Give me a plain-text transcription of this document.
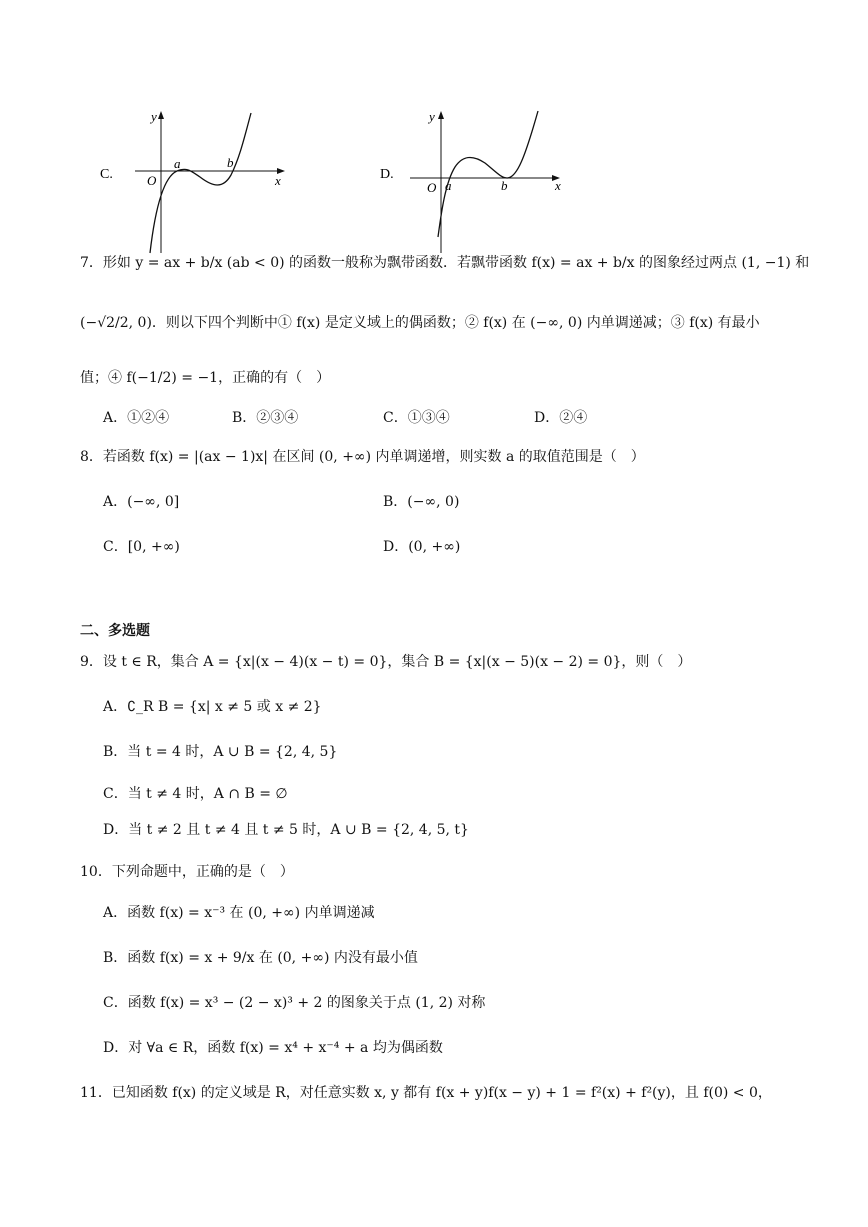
C.
y
x
O
a	b
D.
y
x
O a	b
7．形如 y = ax + b/x (ab < 0) 的函数一般称为飘带函数．若飘带函数 f(x) = ax + b/x 的图象经过两点 (1, −1) 和
(−√2/2, 0)．则以下四个判断中① f(x) 是定义域上的偶函数；② f(x) 在 (−∞, 0) 内单调递减；③ f(x) 有最小
值；④ f(−1/2) = −1，正确的有（　）
A．①②④	B．②③④	C．①③④	D．②④
8．若函数 f(x) = |(ax − 1)x| 在区间 (0, +∞) 内单调递增，则实数 a 的取值范围是（　）
A．(−∞, 0]	B．(−∞, 0)
C．[0, +∞)	D．(0, +∞)
二、多选题
9．设 t ∈ R，集合 A = {x|(x − 4)(x − t) = 0}，集合 B = {x|(x − 5)(x − 2) = 0}，则（　）
A．∁_R B = {x| x ≠ 5 或 x ≠ 2}
B．当 t = 4 时，A ∪ B = {2, 4, 5}
C．当 t ≠ 4 时，A ∩ B = ∅
D．当 t ≠ 2 且 t ≠ 4 且 t ≠ 5 时，A ∪ B = {2, 4, 5, t}
10．下列命题中，正确的是（　）
A．函数 f(x) = x⁻³ 在 (0, +∞) 内单调递减
B．函数 f(x) = x + 9/x 在 (0, +∞) 内没有最小值
C．函数 f(x) = x³ − (2 − x)³ + 2 的图象关于点 (1, 2) 对称
D．对 ∀a ∈ R，函数 f(x) = x⁴ + x⁻⁴ + a 均为偶函数
11．已知函数 f(x) 的定义域是 R，对任意实数 x, y 都有 f(x + y)f(x − y) + 1 = f²(x) + f²(y)，且 f(0) < 0，
